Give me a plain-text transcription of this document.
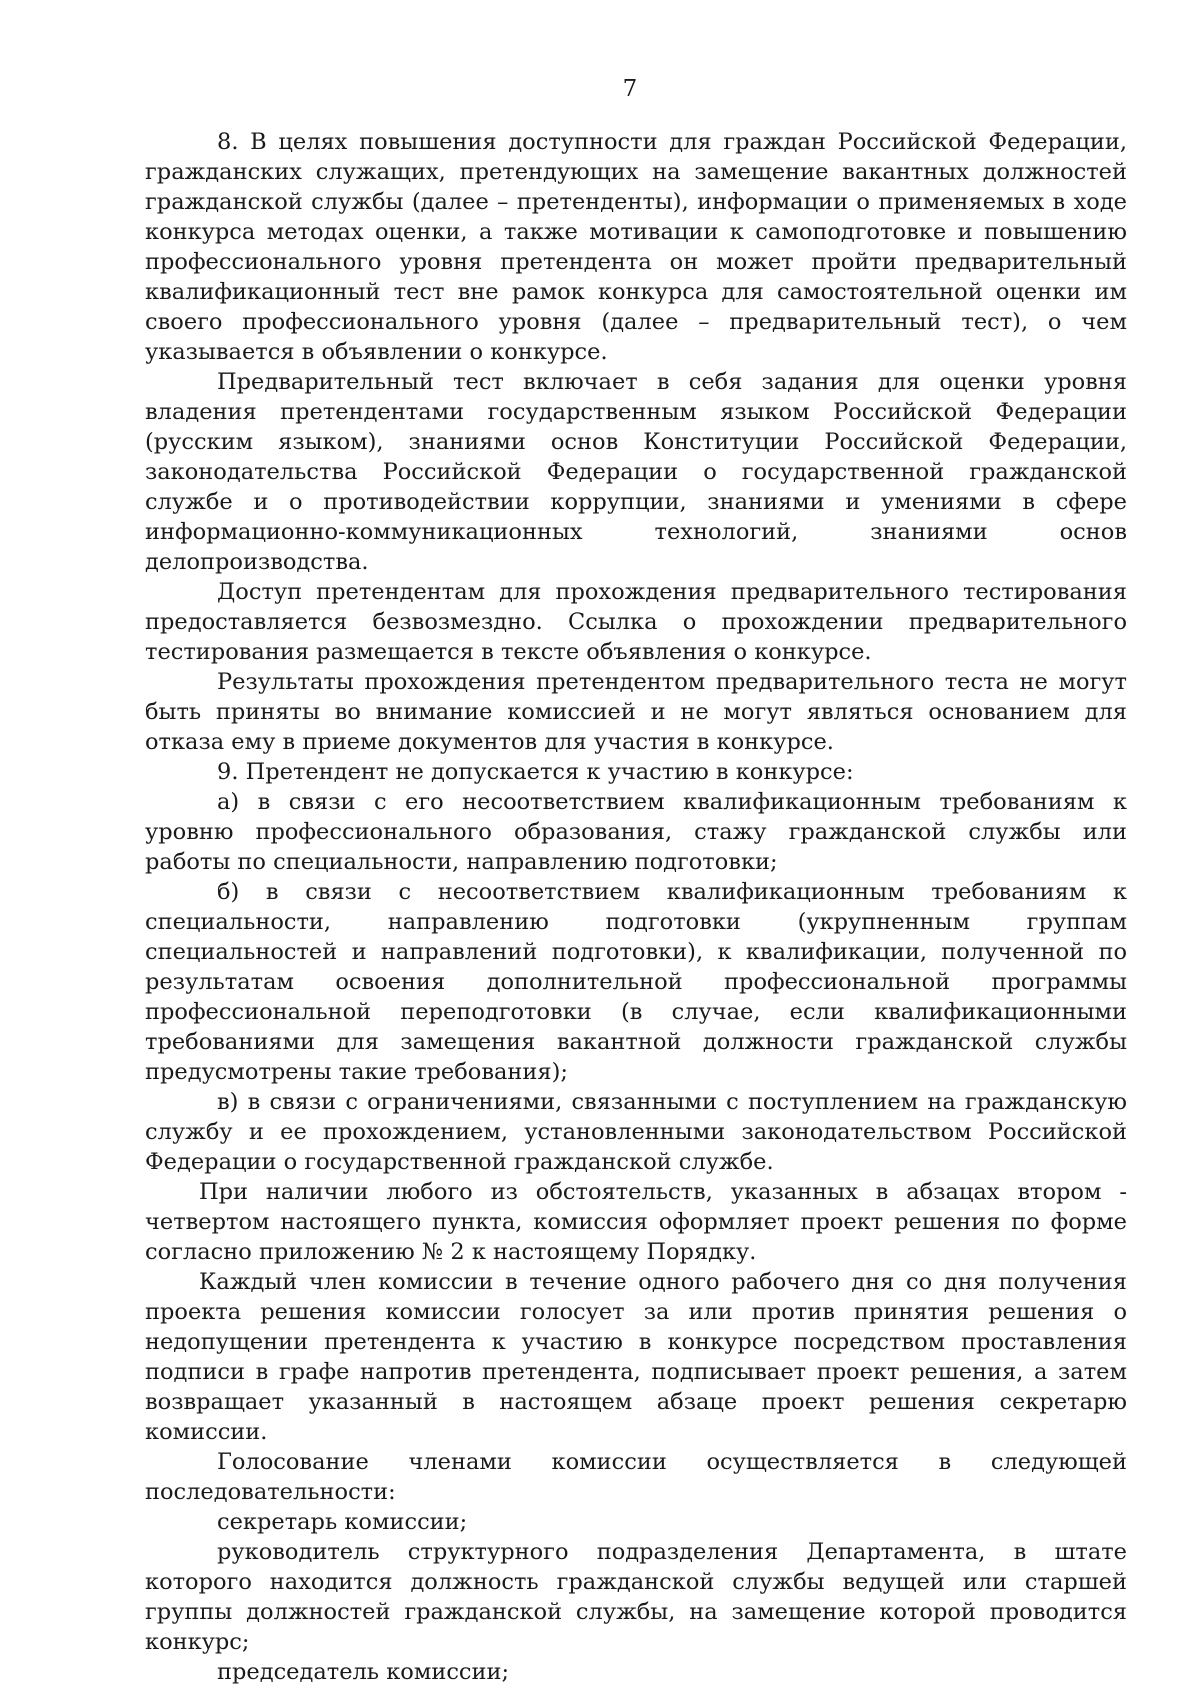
7

8. В целях повышения доступности для граждан Российской Федерации, гражданских служащих, претендующих на замещение вакантных должностей гражданской службы (далее – претенденты), информации о применяемых в ходе конкурса методах оценки, а также мотивации к самоподготовке и повышению профессионального уровня претендента он может пройти предварительный квалификационный тест вне рамок конкурса для самостоятельной оценки им своего профессионального уровня (далее – предварительный тест), о чем указывается в объявлении о конкурсе.

Предварительный тест включает в себя задания для оценки уровня владения претендентами государственным языком Российской Федерации (русским языком), знаниями основ Конституции Российской Федерации, законодательства Российской Федерации о государственной гражданской службе и о противодействии коррупции, знаниями и умениями в сфере информационно-коммуникационных технологий, знаниями основ делопроизводства.

Доступ претендентам для прохождения предварительного тестирования предоставляется безвозмездно. Ссылка о прохождении предварительного тестирования размещается в тексте объявления о конкурсе.

Результаты прохождения претендентом предварительного теста не могут быть приняты во внимание комиссией и не могут являться основанием для отказа ему в приеме документов для участия в конкурсе.

9. Претендент не допускается к участию в конкурсе:

а) в связи с его несоответствием квалификационным требованиям к уровню профессионального образования, стажу гражданской службы или работы по специальности, направлению подготовки;

б) в связи с несоответствием квалификационным требованиям к специальности, направлению подготовки (укрупненным группам специальностей и направлений подготовки), к квалификации, полученной по результатам освоения дополнительной профессиональной программы профессиональной переподготовки (в случае, если квалификационными требованиями для замещения вакантной должности гражданской службы предусмотрены такие требования);

в) в связи с ограничениями, связанными с поступлением на гражданскую службу и ее прохождением, установленными законодательством Российской Федерации о государственной гражданской службе.

При наличии любого из обстоятельств, указанных в абзацах втором - четвертом настоящего пункта, комиссия оформляет проект решения по форме согласно приложению № 2 к настоящему Порядку.

Каждый член комиссии в течение одного рабочего дня со дня получения проекта решения комиссии голосует за или против принятия решения о недопущении претендента к участию в конкурсе посредством проставления подписи в графе напротив претендента, подписывает проект решения, а затем возвращает указанный в настоящем абзаце проект решения секретарю комиссии.

Голосование членами комиссии осуществляется в следующей последовательности:

секретарь комиссии;

руководитель структурного подразделения Департамента, в штате которого находится должность гражданской службы ведущей или старшей группы должностей гражданской службы, на замещение которой проводится конкурс;

председатель комиссии;
